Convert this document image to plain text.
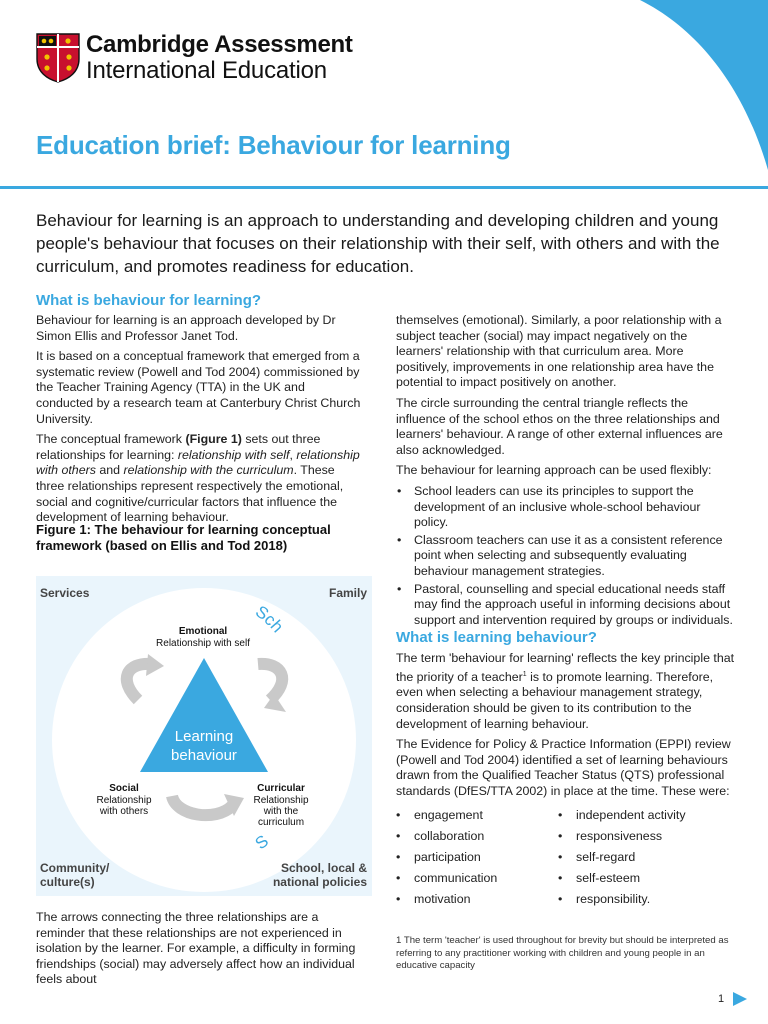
Cambridge Assessment
International Education
Education brief: Behaviour for learning
Behaviour for learning is an approach to understanding and developing children and young people's behaviour that focuses on their relationship with their self, with others and with the curriculum, and promotes readiness for education.
What is behaviour for learning?

Behaviour for learning is an approach developed by Dr Simon Ellis and Professor Janet Tod.

It is based on a conceptual framework that emerged from a systematic review (Powell and Tod 2004) commissioned by the Teacher Training Agency (TTA) in the UK and conducted by a research team at Canterbury Christ Church University.

The conceptual framework (Figure 1) sets out three relationships for learning: relationship with self, relationship with others and relationship with the curriculum. These three relationships represent respectively the emotional, social and cognitive/curricular factors that influence the development of learning behaviour.

Figure 1: The behaviour for learning conceptual framework (based on Ellis and Tod 2018)
Sch
S
Learning
behaviour
Services	Family
Community/
culture(s)
School, local &
national policies
Emotional
Relationship with self
Social
Relationship
with others
Curricular
Relationship
with the
curriculum
The arrows connecting the three relationships are a reminder that these relationships are not experienced in isolation by the learner. For example, a difficulty in forming friendships (social) may adversely affect how an individual feels about

themselves (emotional). Similarly, a poor relationship with a subject teacher (social) may impact negatively on the learners' relationship with that curriculum area. More positively, improvements in one relationship area have the potential to impact positively on another.

The circle surrounding the central triangle reflects the influence of the school ethos on the three relationships and learners' behaviour. A range of other external influences are also acknowledged.

The behaviour for learning approach can be used flexibly:

• School leaders can use its principles to support the development of an inclusive whole-school behaviour policy.
• Classroom teachers can use it as a consistent reference point when selecting and subsequently evaluating behaviour management strategies.
• Pastoral, counselling and special educational needs staff may find the approach useful in informing decisions about support and intervention required by groups or individuals.
What is learning behaviour?

The term 'behaviour for learning' reflects the key principle that the priority of a teacher$^1$ is to promote learning. Therefore, even when selecting a behaviour management strategy, consideration should be given to its contribution to the development of learning behaviour.

The Evidence for Policy & Practice Information (EPPI) review (Powell and Tod 2004) identified a set of learning behaviours drawn from the Qualified Teacher Status (QTS) professional standards (DfES/TTA 2002) in place at the time. These were:

• engagement
• collaboration
• participation
• communication
• motivation
• independent activity
• responsiveness
• self-regard
• self-esteem
• responsibility.
1 The term 'teacher' is used throughout for brevity but should be interpreted as referring to any practitioner working with children and young people in an educative capacity
1
